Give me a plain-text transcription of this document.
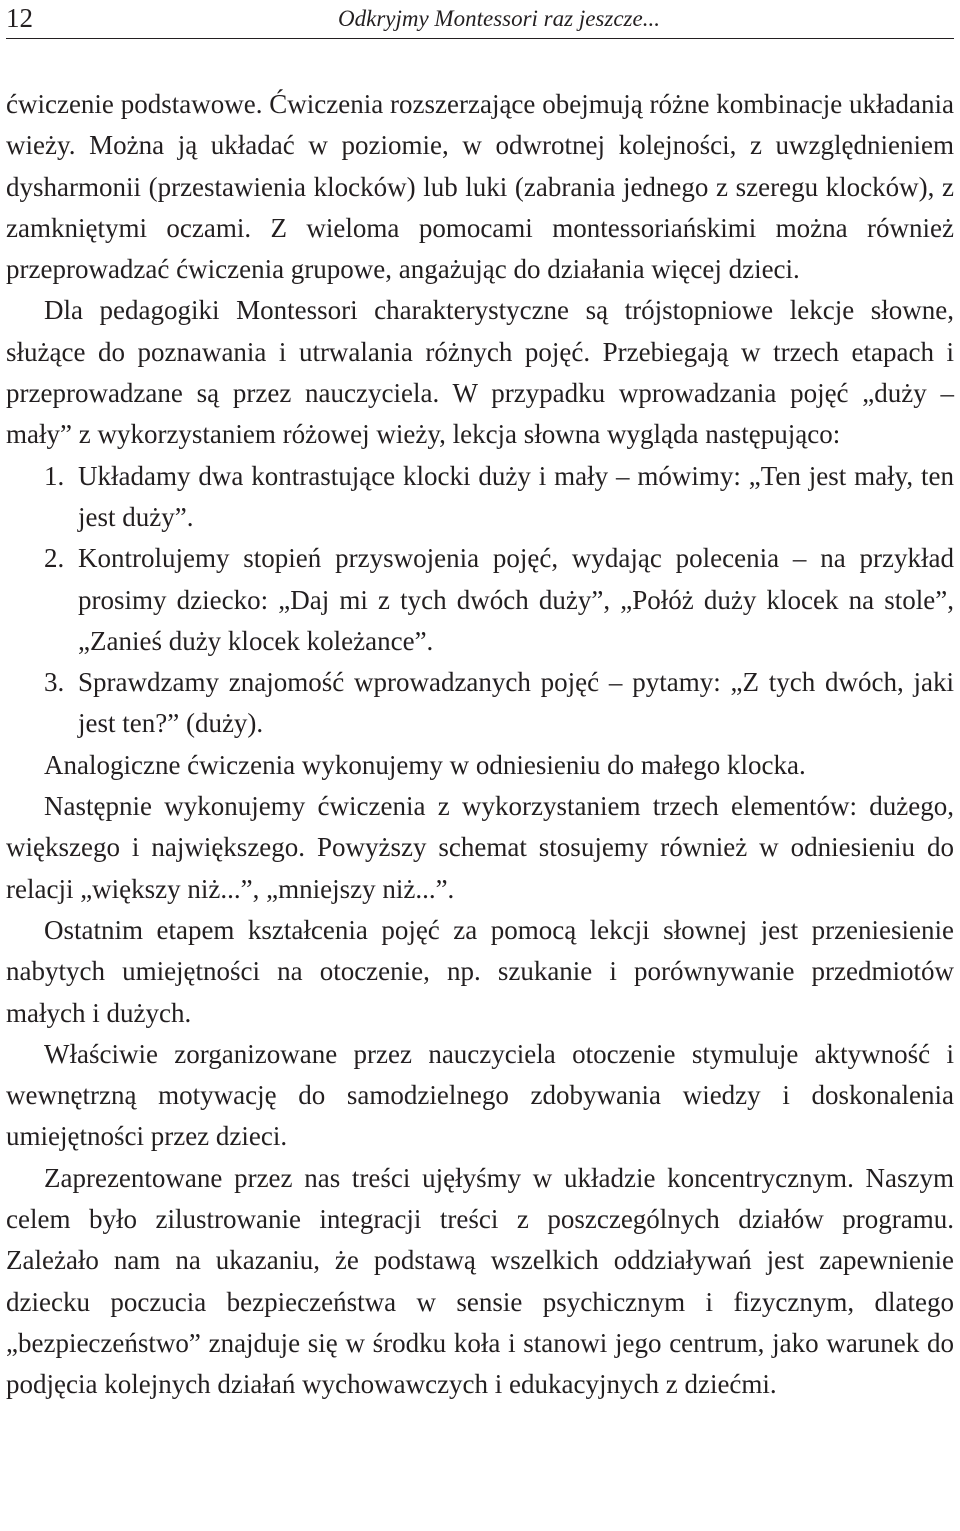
12	Odkryjmy Montessori raz jeszcze...

ćwiczenie podstawowe. Ćwiczenia rozszerzające obejmują różne kombinacje układania wieży. Można ją układać w poziomie, w odwrotnej kolejności, z uwzględnieniem dysharmonii (przestawienia klocków) lub luki (zabrania jednego z szeregu klocków), z zamkniętymi oczami. Z wieloma pomocami montessoriańskimi można również przeprowadzać ćwiczenia grupowe, angażując do działania więcej dzieci.

Dla pedagogiki Montessori charakterystyczne są trójstopniowe lekcje słowne, służące do poznawania i utrwalania różnych pojęć. Przebiegają w trzech etapach i przeprowadzane są przez nauczyciela. W przypadku wprowadzania pojęć „duży – mały” z wykorzystaniem różowej wieży, lekcja słowna wygląda następująco:

1. Układamy dwa kontrastujące klocki duży i mały – mówimy: „Ten jest mały, ten jest duży”.
2. Kontrolujemy stopień przyswojenia pojęć, wydając polecenia – na przykład prosimy dziecko: „Daj mi z tych dwóch duży”, „Połóż duży klocek na stole”, „Zanieś duży klocek koleżance”.
3. Sprawdzamy znajomość wprowadzanych pojęć – pytamy: „Z tych dwóch, jaki jest ten?” (duży).

Analogiczne ćwiczenia wykonujemy w odniesieniu do małego klocka.

Następnie wykonujemy ćwiczenia z wykorzystaniem trzech elementów: dużego, większego i największego. Powyższy schemat stosujemy również w odniesieniu do relacji „większy niż...”, „mniejszy niż...”.

Ostatnim etapem kształcenia pojęć za pomocą lekcji słownej jest przeniesienie nabytych umiejętności na otoczenie, np. szukanie i porównywanie przedmiotów małych i dużych.

Właściwie zorganizowane przez nauczyciela otoczenie stymuluje aktywność i wewnętrzną motywację do samodzielnego zdobywania wiedzy i doskonalenia umiejętności przez dzieci.

Zaprezentowane przez nas treści ujęłyśmy w układzie koncentrycznym. Naszym celem było zilustrowanie integracji treści z poszczególnych działów programu. Zależało nam na ukazaniu, że podstawą wszelkich oddziaływań jest zapewnienie dziecku poczucia bezpieczeństwa w sensie psychicznym i fizycznym, dlatego „bezpieczeństwo” znajduje się w środku koła i stanowi jego centrum, jako warunek do podjęcia kolejnych działań wychowawczych i edukacyjnych z dziećmi.
